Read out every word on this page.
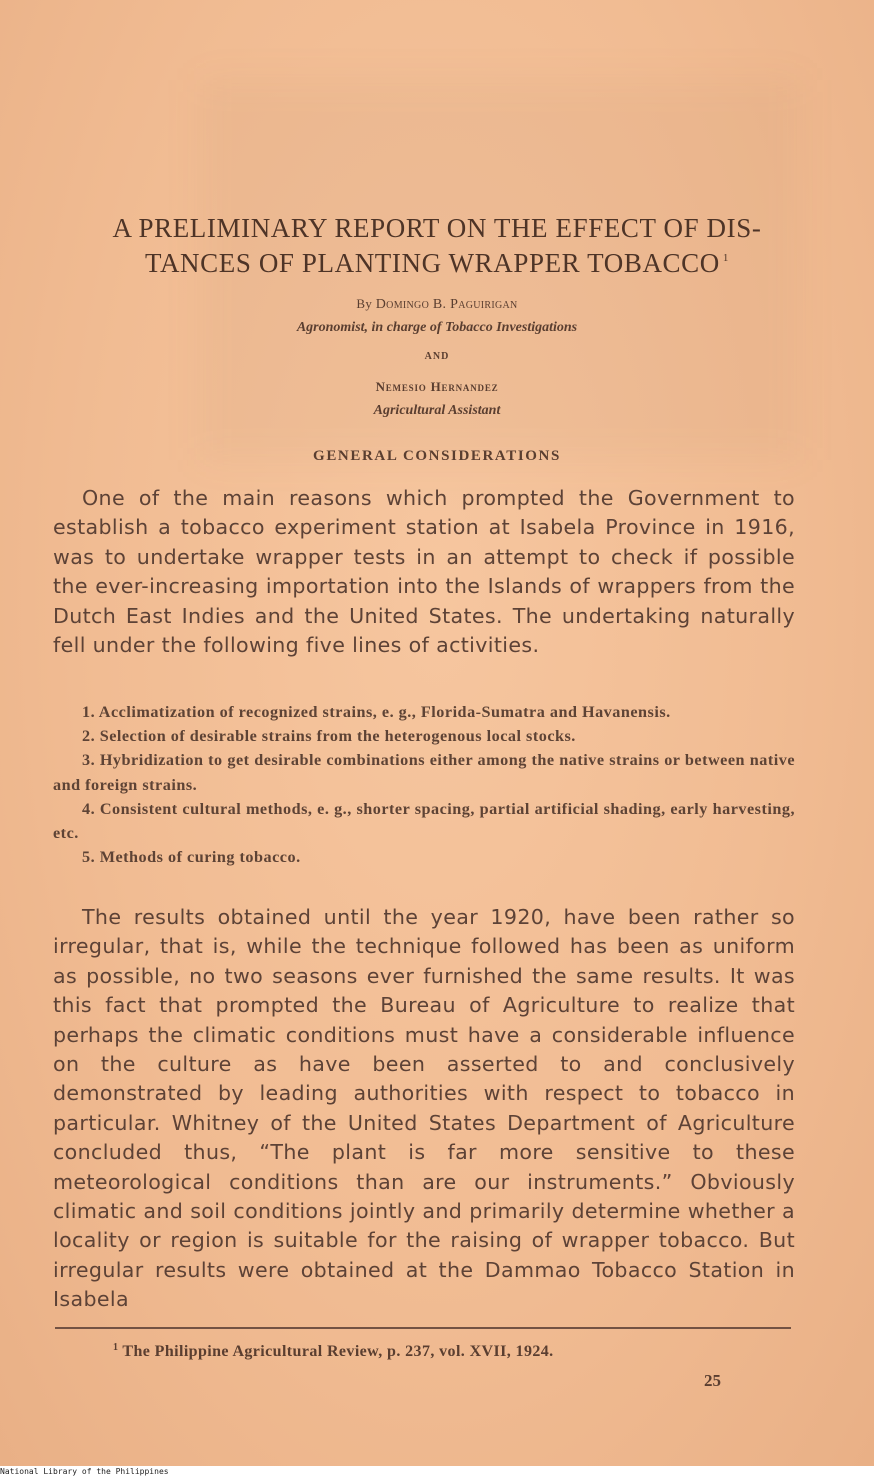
A PRELIMINARY REPORT ON THE EFFECT OF DIS-
TANCES OF PLANTING WRAPPER TOBACCO $^1$
By Domingo B. Paguirigan
Agronomist, in charge of Tobacco Investigations
AND
Nemesio Hernandez
Agricultural Assistant
GENERAL CONSIDERATIONS

One of the main reasons which prompted the Government to establish a tobacco experiment station at Isabela Province in 1916, was to undertake wrapper tests in an attempt to check if possible the ever-increasing importation into the Islands of wrappers from the Dutch East Indies and the United States. The undertaking naturally fell under the following five lines of activities.

1. Acclimatization of recognized strains, e. g., Florida-Sumatra and Havanensis.
2. Selection of desirable strains from the heterogenous local stocks.
3. Hybridization to get desirable combinations either among the native strains or between native and foreign strains.
4. Consistent cultural methods, e. g., shorter spacing, partial artificial shading, early harvesting, etc.
5. Methods of curing tobacco.

The results obtained until the year 1920, have been rather so irregular, that is, while the technique followed has been as uniform as possible, no two seasons ever furnished the same results. It was this fact that prompted the Bureau of Agriculture to realize that perhaps the climatic conditions must have a considerable influence on the culture as have been asserted to and conclusively demonstrated by leading authorities with respect to tobacco in particular. Whitney of the United States Department of Agriculture concluded thus, “The plant is far more sensitive to these meteorological conditions than are our instruments.” Obviously climatic and soil conditions jointly and primarily determine whether a locality or region is suitable for the raising of wrapper tobacco. But irregular results were obtained at the Dammao Tobacco Station in Isabela

$^1$ The Philippine Agricultural Review, p. 237, vol. XVII, 1924.
25
National Library of the Philippines
